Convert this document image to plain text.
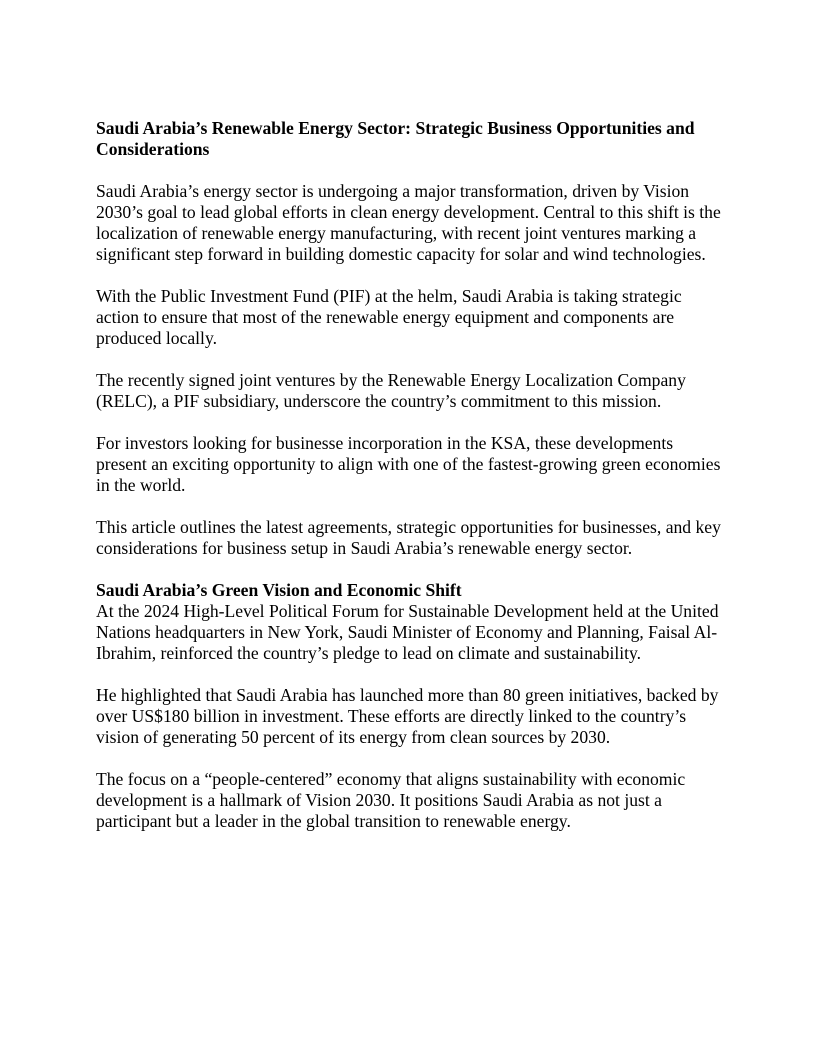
Saudi Arabia’s Renewable Energy Sector: Strategic Business Opportunities and Considerations

Saudi Arabia’s energy sector is undergoing a major transformation, driven by Vision 2030’s goal to lead global efforts in clean energy development. Central to this shift is the localization of renewable energy manufacturing, with recent joint ventures marking a significant step forward in building domestic capacity for solar and wind technologies.

With the Public Investment Fund (PIF) at the helm, Saudi Arabia is taking strategic action to ensure that most of the renewable energy equipment and components are produced locally.

The recently signed joint ventures by the Renewable Energy Localization Company (RELC), a PIF subsidiary, underscore the country’s commitment to this mission.

For investors looking for businesse incorporation in the KSA, these developments present an exciting opportunity to align with one of the fastest-growing green economies in the world.

This article outlines the latest agreements, strategic opportunities for businesses, and key considerations for business setup in Saudi Arabia’s renewable energy sector.

Saudi Arabia’s Green Vision and Economic Shift

At the 2024 High-Level Political Forum for Sustainable Development held at the United Nations headquarters in New York, Saudi Minister of Economy and Planning, Faisal Al-Ibrahim, reinforced the country’s pledge to lead on climate and sustainability.

He highlighted that Saudi Arabia has launched more than 80 green initiatives, backed by over US$180 billion in investment. These efforts are directly linked to the country’s vision of generating 50 percent of its energy from clean sources by 2030.

The focus on a “people-centered” economy that aligns sustainability with economic development is a hallmark of Vision 2030. It positions Saudi Arabia as not just a participant but a leader in the global transition to renewable energy.
